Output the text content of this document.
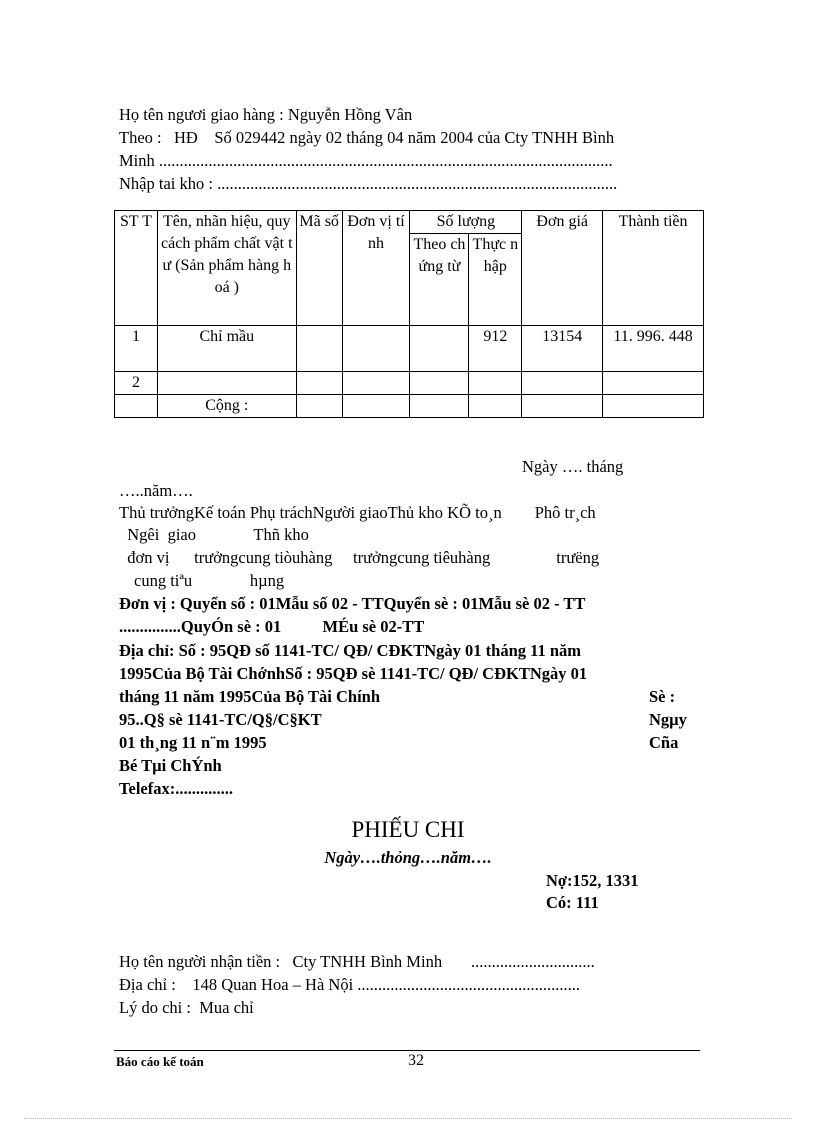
Họ tên ngươi giao hàng : Nguyễn Hồng Vân
Theo :   HĐ    Số 029442 ngày 02 tháng 04 năm 2004 của Cty TNHH Bình
Minh ..............................................................................................................
Nhập tai kho : .................................................................................................
ST T	Tên, nhãn hiệu, quy cách phẩm chất vật tư (Sản phẩm hàng hoá )	Mã số	Đơn vị tính	Số lượng		Đơn giá	Thành tiền
				Theo chứng từ	Thực nhập		
1	Chỉ mầu				912	13154	11. 996. 448
2							
	Cộng :						
Ngày …. tháng
…..năm….
Thủ trưởngKế toán Phụ tráchNgười giaoThủ kho KÕ to¸n        Phô tr¸ch
Ngêi  giao              Thñ kho
đơn vị      trưởngcung tiòuhàng     trưởngcung tiêuhàng                trưëng
cung tiªu              hµng
Đơn vị : Quyển số : 01Mẫu số 02 - TTQuyển sè : 01Mẫu sè 02 - TT
...............QuyÓn sè : 01          MÉu sè 02-TT
Địa chỉ: Số : 95QĐ số 1141-TC/ QĐ/ CĐKTNgày 01 tháng 11 năm
1995Của Bộ Tài ChớnhSố : 95QĐ sè 1141-TC/ QĐ/ CĐKTNgày 01
tháng 11 năm 1995Của Bộ Tài Chính	Sè :
95..Q§ sè 1141-TC/Q§/C§KT	Ngµy
01 th¸ng 11 n¨m 1995	Cña
Bé Tµi ChÝnh
Telefax:..............
PHIẾU CHI
Ngày….thỏng….năm….
Nợ:152, 1331
Có: 111
Họ tên người nhận tiền :   Cty TNHH Bình Minh       ..............................
Địa chỉ :    148 Quan Hoa – Hà Nội ......................................................
Lý do chi :  Mua chỉ
Báo cáo kế toán	32
